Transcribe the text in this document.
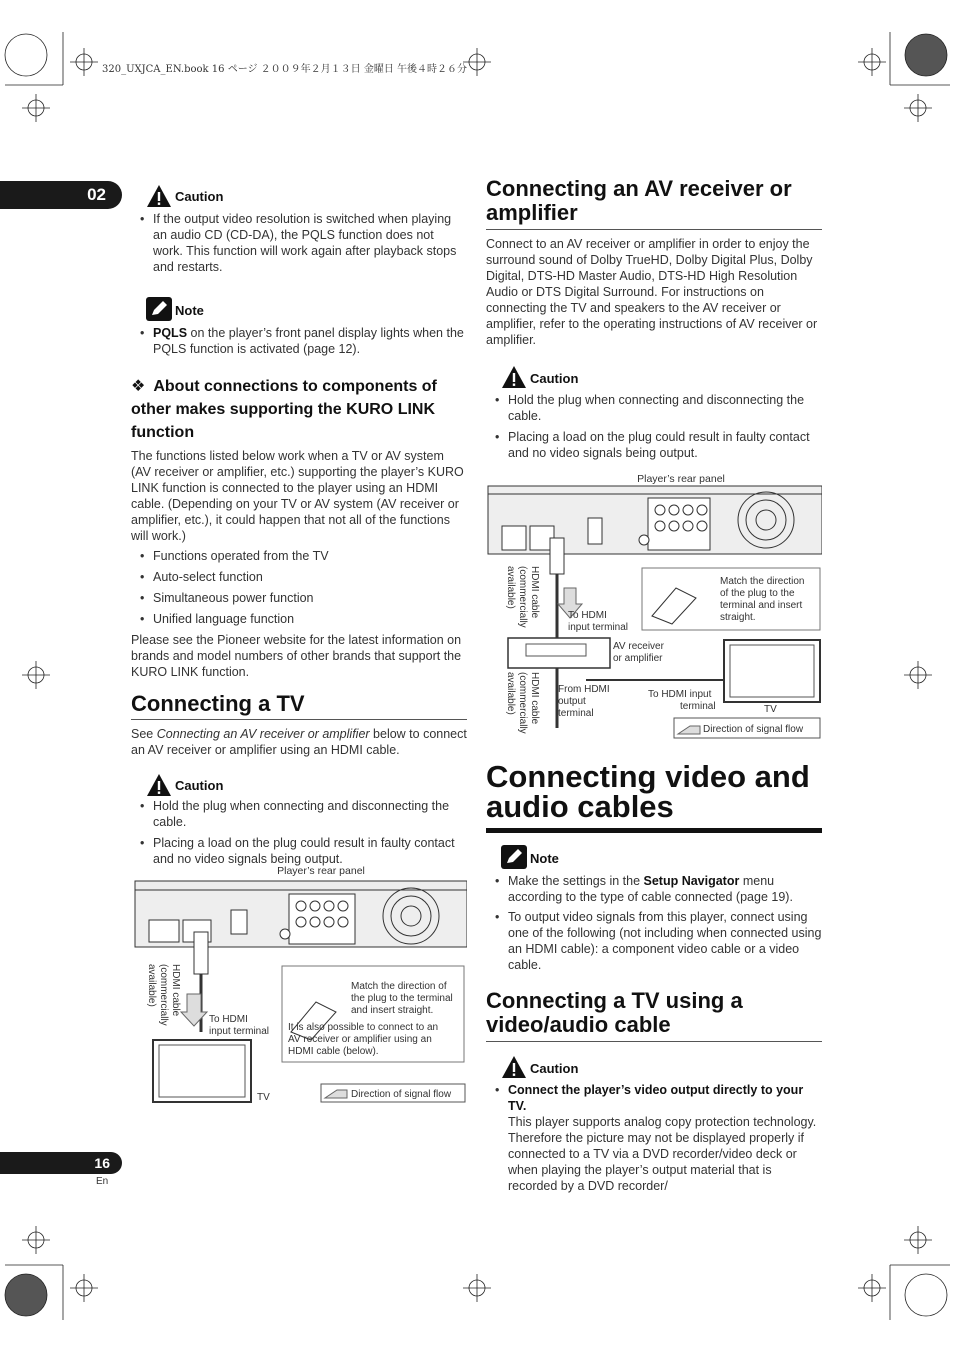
320_UXJCA_EN.book 16 ページ ２００９年２月１３日 金曜日 午後４時２６分
02
16
En
Caution
• If the output video resolution is switched when playing an audio CD (CD-DA), the PQLS function does not work. This function will work again after playback stops and restarts.
Note
• PQLS on the player’s front panel display lights when the PQLS function is activated (page 12).
❖ About connections to components of other makes supporting the KURO LINK function

The functions listed below work when a TV or AV system (AV receiver or amplifier, etc.) supporting the player’s KURO LINK function is connected to the player using an HDMI cable. (Depending on your TV or AV system (AV receiver or amplifier, etc.), it could happen that not all of the functions will work.)

• Functions operated from the TV
• Auto-select function
• Simultaneous power function
• Unified language function

Please see the Pioneer website for the latest information on brands and model numbers of other brands that support the KURO LINK function.

Connecting a TV

See Connecting an AV receiver or amplifier below to connect an AV receiver or amplifier using an HDMI cable.

Caution
• Hold the plug when connecting and disconnecting the cable.
• Placing a load on the plug could result in faulty contact and no video signals being output.
Player’s rear panel
HDMI cable
(commercially
available)
To HDMI
input terminal
Match the direction of
the plug to the terminal
and insert straight.
It is also possible to connect to an
AV receiver or amplifier using an
HDMI cable (below).
TV	Direction of signal flow
Connecting an AV receiver or amplifier

Connect to an AV receiver or amplifier in order to enjoy the surround sound of Dolby TrueHD, Dolby Digital Plus, Dolby Digital, DTS-HD Master Audio, DTS-HD High Resolution Audio or DTS Digital Surround. For instructions on connecting the TV and speakers to the AV receiver or amplifier, refer to the operating instructions of AV receiver or amplifier.

Caution
• Hold the plug when connecting and disconnecting the cable.
• Placing a load on the plug could result in faulty contact and no video signals being output.
Player’s rear panel
HDMI cable
(commercially
available)
To HDMI
input terminal
Match the direction
of the plug to the
terminal and insert
straight.
AV receiver
or amplifier
HDMI cable
(commercially
available)	From HDMI
output
terminal
To HDMI input
terminal	TV
Direction of signal flow
Connecting video and audio cables
Note
• Make the settings in the Setup Navigator menu according to the type of cable connected (page 19).
• To output video signals from this player, connect using one of the following (not including when connected using an HDMI cable): a component video cable or a video cable.
Connecting a TV using a video/audio cable
Caution
• Connect the player’s video output directly to your TV.
This player supports analog copy protection technology. Therefore the picture may not be displayed properly if connected to a TV via a DVD recorder/video deck or when playing the player’s output material that is recorded by a DVD recorder/
